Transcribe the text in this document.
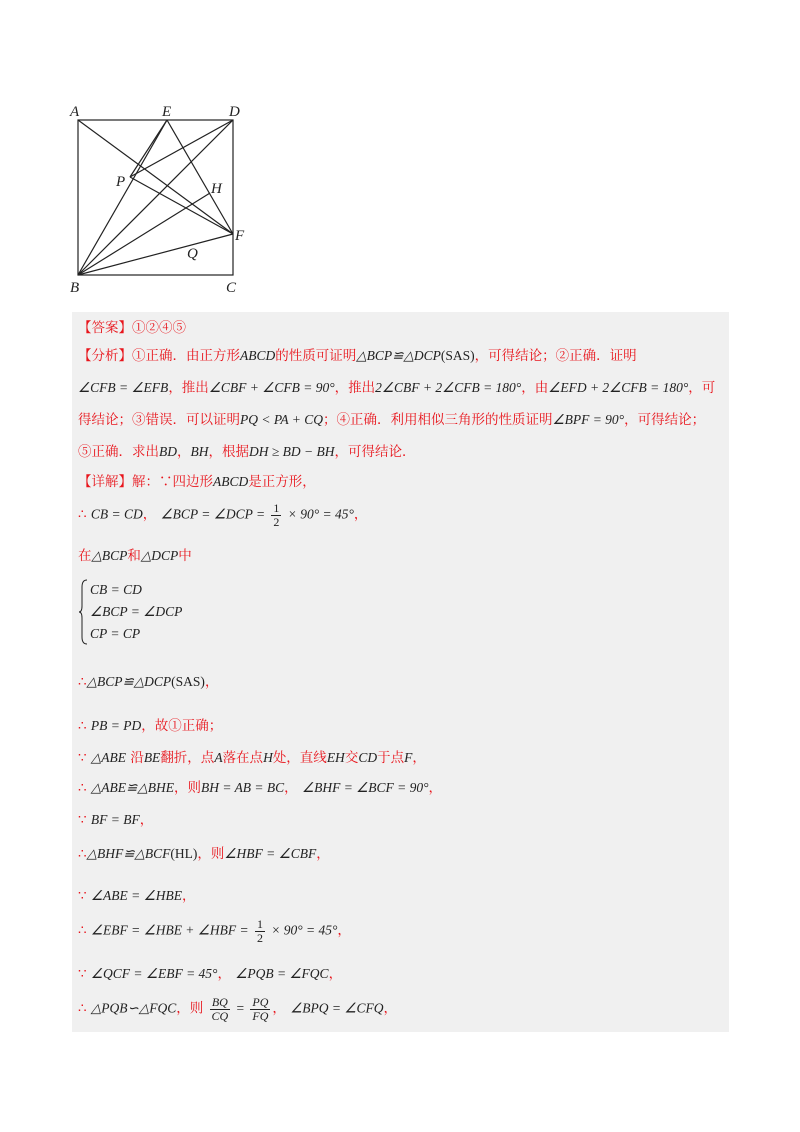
A	E	D
P	H
F
Q
B	C
【答案】①②④⑤
【分析】①正确．由正方形ABCD的性质可证明△BCP≌△DCP(SAS)，可得结论；②正确．证明
∠CFB = ∠EFB，推出∠CBF + ∠CFB = 90°，推出2∠CBF + 2∠CFB = 180°，由∠EFD + 2∠CFB = 180°，可
得结论；③错误．可以证明PQ < PA + CQ；④正确．利用相似三角形的性质证明∠BPF = 90°，可得结论；
⑤正确．求出BD，BH，根据DH ≥ BD − BH，可得结论．
【详解】解：∵四边形ABCD是正方形，
∴ CB = CD， ∠BCP = ∠DCP = $\frac{1}{2} \times 90^\circ = 45^\circ$，
在△BCP和△DCP中
CB = CD
∠BCP = ∠DCP
CP = CP
∴△BCP≌△DCP(SAS)，
∴ PB = PD，故①正确；
∵ △ABE 沿BE翻折，点A落在点H处，直线EH交CD于点F，
∴ △ABE≌△BHE，则BH = AB = BC， ∠BHF = ∠BCF = 90°，
∵ BF = BF，
∴△BHF≌△BCF(HL)，则∠HBF = ∠CBF，
∵ ∠ABE = ∠HBE，
∴ ∠EBF = ∠HBE + ∠HBF = $\frac{1}{2} \times 90^\circ = 45^\circ$，
∵ ∠QCF = ∠EBF = 45°， ∠PQB = ∠FQC，
∴ △PQB∽△FQC，则 $\frac{BQ}{CQ} = \frac{PQ}{FQ}$ ， ∠BPQ = ∠CFQ，
